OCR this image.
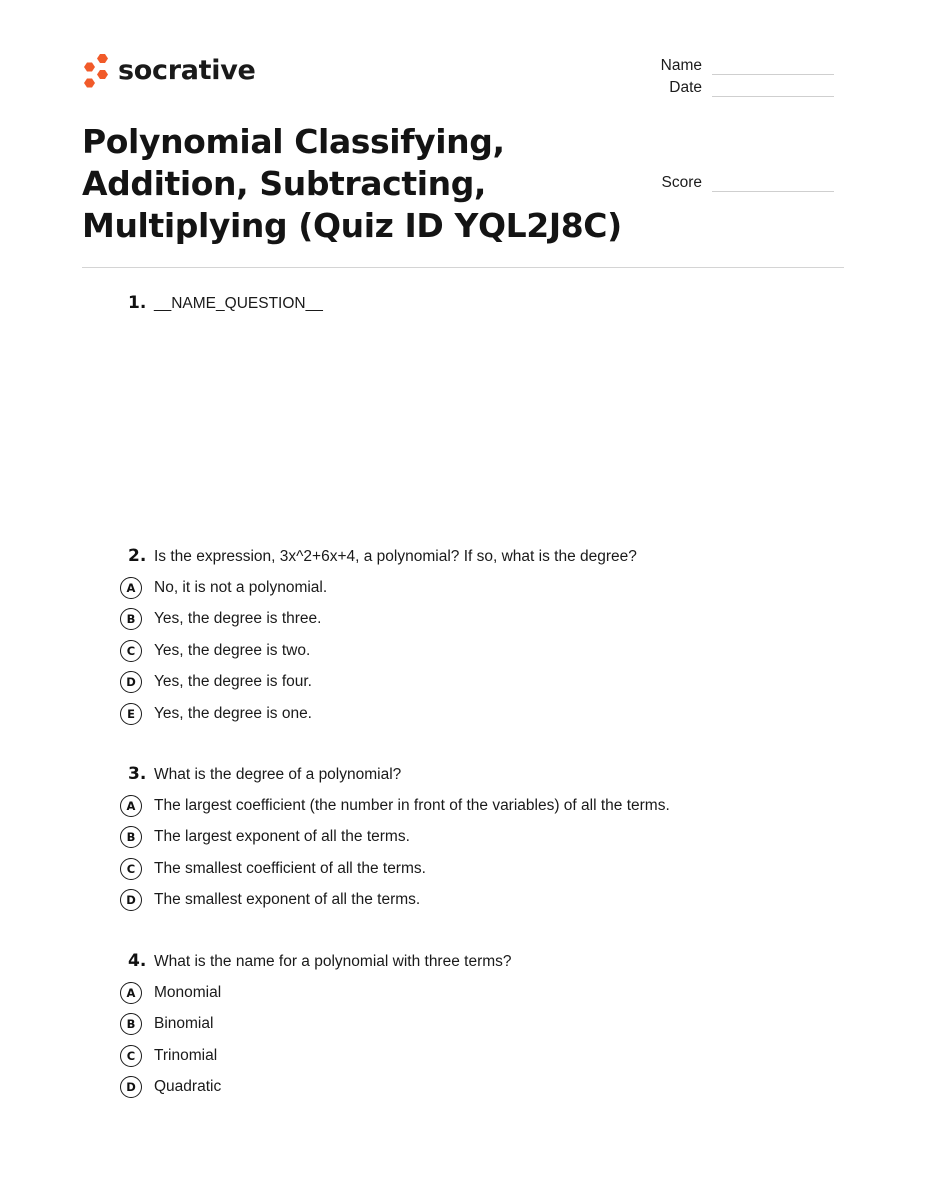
socrative	Name
Date
Score
Polynomial Classifying, Addition, Subtracting, Multiplying (Quiz ID YQL2J8C)
1. __NAME_QUESTION__
2. Is the expression, 3x^2+6x+4, a polynomial? If so, what is the degree?
A	No, it is not a polynomial.
B	Yes, the degree is three.
C	Yes, the degree is two.
D	Yes, the degree is four.
E	Yes, the degree is one.
3. What is the degree of a polynomial?
A	The largest coefficient (the number in front of the variables) of all the terms.
B	The largest exponent of all the terms.
C	The smallest coefficient of all the terms.
D	The smallest exponent of all the terms.
4. What is the name for a polynomial with three terms?
A	Monomial
B	Binomial
C	Trinomial
D	Quadratic
